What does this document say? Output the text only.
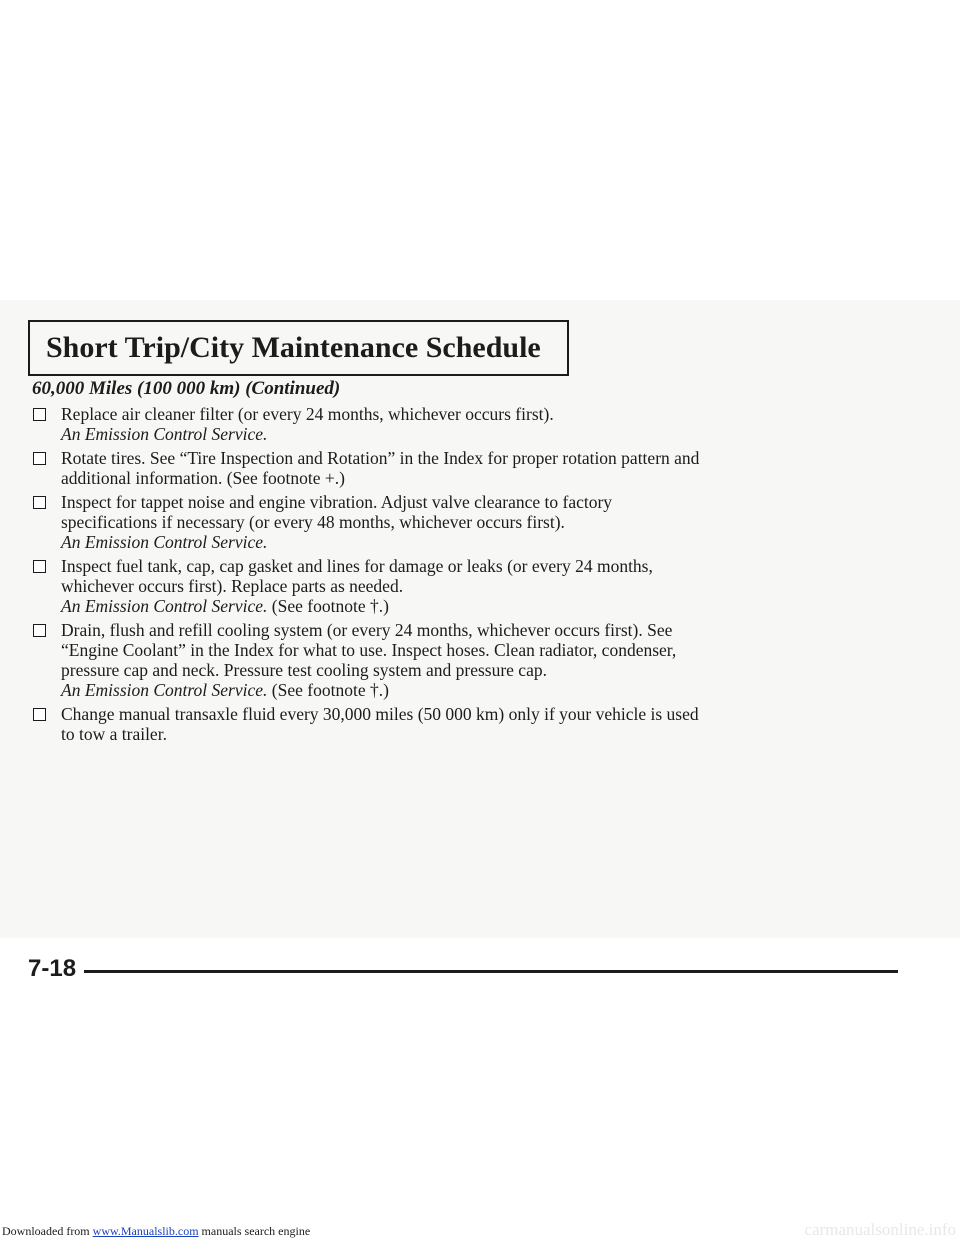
Short Trip/City Maintenance Schedule
60,000 Miles (100 000 km) (Continued)
Replace air cleaner filter (or every 24 months, whichever occurs first).
An Emission Control Service.
Rotate tires. See “Tire Inspection and Rotation” in the Index for proper rotation pattern and additional information. (See footnote +.)
Inspect for tappet noise and engine vibration. Adjust valve clearance to factory specifications if necessary (or every 48 months, whichever occurs first).
An Emission Control Service.
Inspect fuel tank, cap, cap gasket and lines for damage or leaks (or every 24 months, whichever occurs first). Replace parts as needed.
An Emission Control Service. (See footnote †.)
Drain, flush and refill cooling system (or every 24 months, whichever occurs first). See “Engine Coolant” in the Index for what to use. Inspect hoses. Clean radiator, condenser, pressure cap and neck. Pressure test cooling system and pressure cap.
An Emission Control Service. (See footnote †.)
Change manual transaxle fluid every 30,000 miles (50 000 km) only if your vehicle is used to tow a trailer.
7-18
Downloaded from www.Manualslib.com manuals search engine	carmanualsonline.info
